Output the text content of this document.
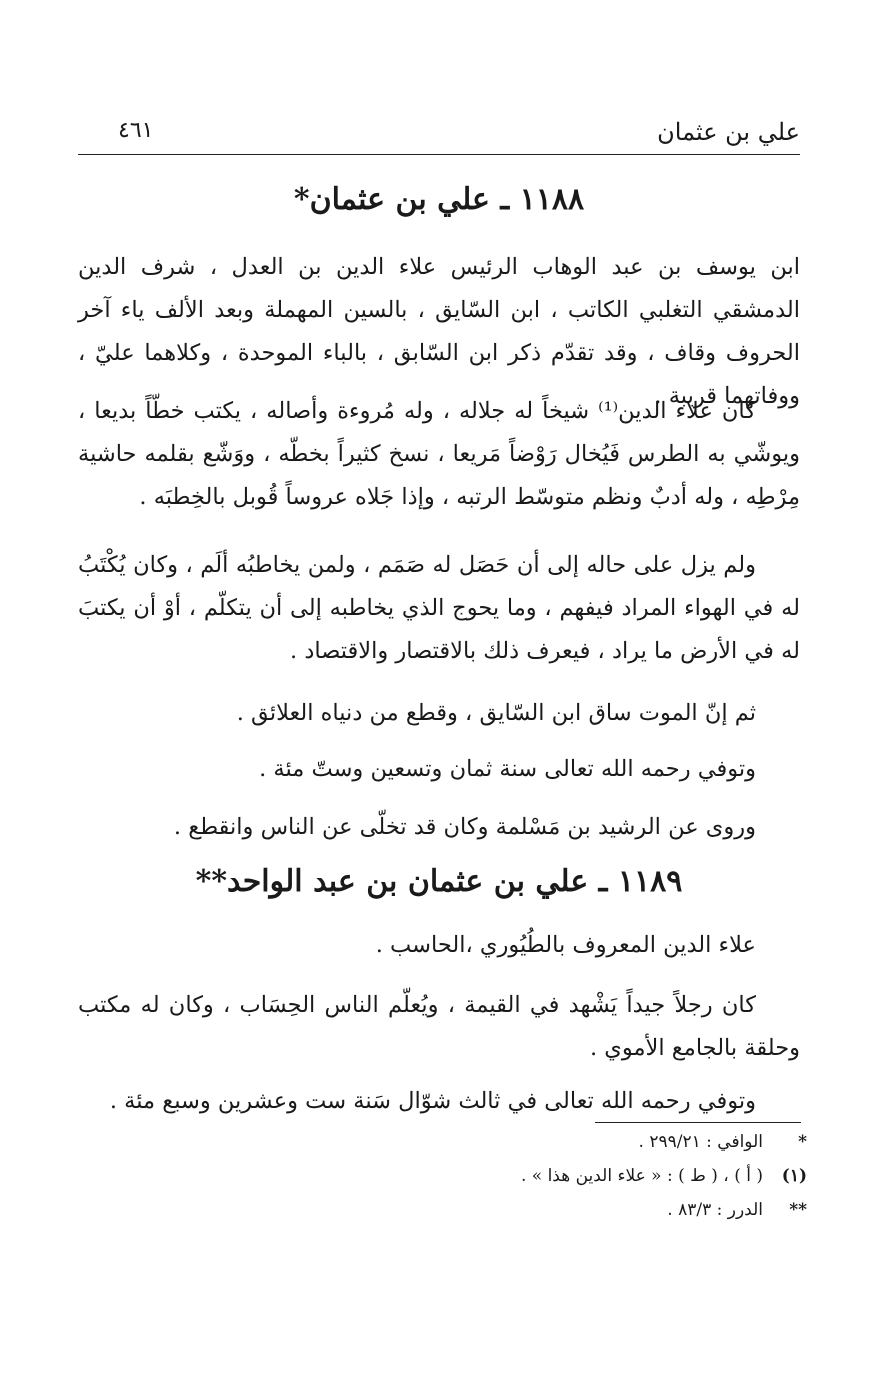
علي بن عثمان
٤٦١
١١٨٨ ـ علي بن عثمان*
ابن يوسف بن عبد الوهاب الرئيس علاء الدين بن العدل ، شرف الدين الدمشقي التغلبي الكاتب ، ابن السّايق ، بالسين المهملة وبعد الألف ياء آخر الحروف وقاف ، وقد تقدّم ذكر ابن السّابق ، بالباء الموحدة ، وكلاهما عليّ ، ووفاتهما قريبة .
كان علاء الدين⁽¹⁾ شيخاً له جلاله ، وله مُروءة وأصاله ، يكتب خطّاً بديعا ، ويوشّي به الطرس فَيُخال رَوْضاً مَريعا ، نسخ كثيراً بخطّه ، ووَشّع بقلمه حاشية مِرْطِه ، وله أدبٌ ونظم متوسّط الرتبه ، وإذا جَلاه عروساً قُوبل بالخِطبَه .
ولم يزل على حاله إلى أن حَصَل له صَمَم ، ولمن يخاطبُه ألَم ، وكان يُكْتَبُ له في الهواء المراد فيفهم ، وما يحوج الذي يخاطبه إلى أن يتكلّم ، أوْ أن يكتبَ له في الأرض ما يراد ، فيعرف ذلك بالاقتصار والاقتصاد .
ثم إنّ الموت ساق ابن السّايق ، وقطع من دنياه العلائق .
وتوفي رحمه الله تعالى سنة ثمان وتسعين وستّ مئة .
وروى عن الرشيد بن مَسْلمة وكان قد تخلّى عن الناس وانقطع .
١١٨٩ ـ علي بن عثمان بن عبد الواحد**
علاء الدين المعروف بالطُيُوري ،الحاسب .
كان رجلاً جيداً يَشْهد في القيمة ، ويُعلّم الناس الحِسَاب ، وكان له مكتب وحلقة بالجامع الأموي .
وتوفي رحمه الله تعالى في ثالث شوّال سَنة ست وعشرين وسبع مئة .
*الوافي : ٢٩٩/٢١ .
(١)( أ ) ، ( ط ) : « علاء الدين هذا » .
**الدرر : ٨٣/٣ .
